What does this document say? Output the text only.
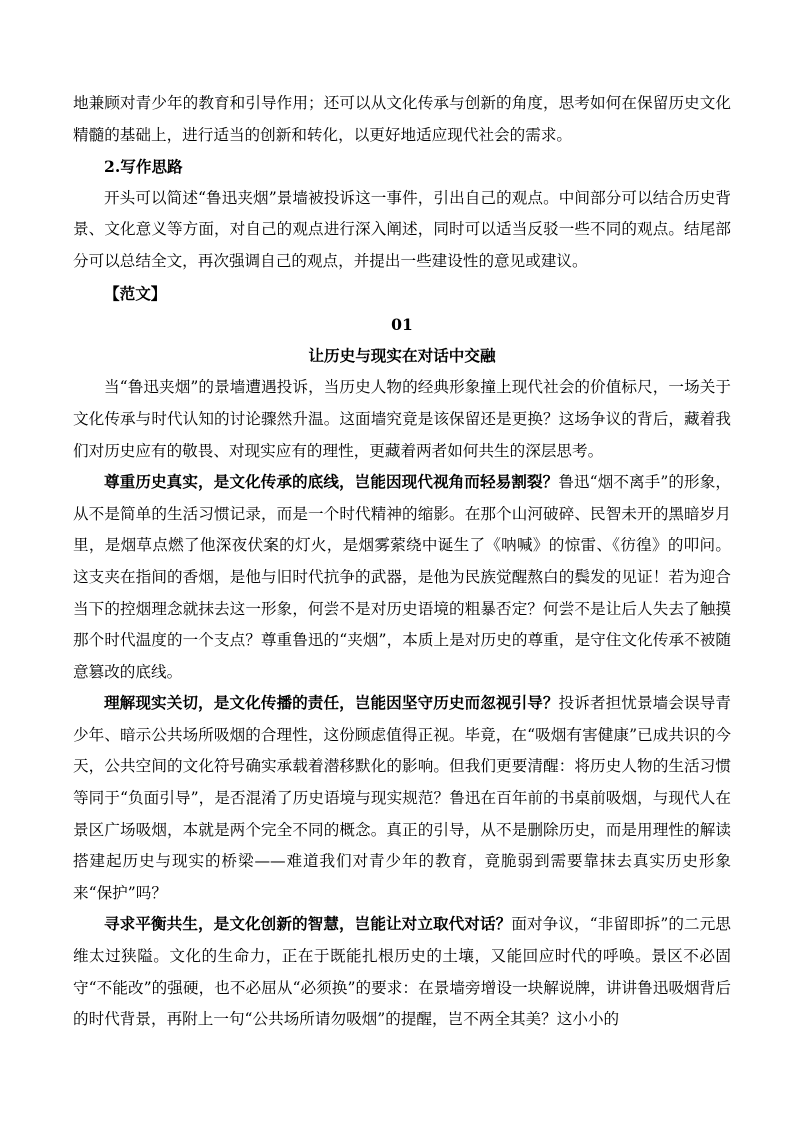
地兼顾对青少年的教育和引导作用；还可以从文化传承与创新的角度，思考如何在保留历史文化精髓的基础上，进行适当的创新和转化，以更好地适应现代社会的需求。

2.写作思路

开头可以简述“鲁迅夹烟”景墙被投诉这一事件，引出自己的观点。中间部分可以结合历史背景、文化意义等方面，对自己的观点进行深入阐述，同时可以适当反驳一些不同的观点。结尾部分可以总结全文，再次强调自己的观点，并提出一些建设性的意见或建议。

【范文】

01

让历史与现实在对话中交融

当“鲁迅夹烟”的景墙遭遇投诉，当历史人物的经典形象撞上现代社会的价值标尺，一场关于文化传承与时代认知的讨论骤然升温。这面墙究竟是该保留还是更换？这场争议的背后，藏着我们对历史应有的敬畏、对现实应有的理性，更藏着两者如何共生的深层思考。

尊重历史真实，是文化传承的底线，岂能因现代视角而轻易割裂？鲁迅“烟不离手”的形象，从不是简单的生活习惯记录，而是一个时代精神的缩影。在那个山河破碎、民智未开的黑暗岁月里，是烟草点燃了他深夜伏案的灯火，是烟雾萦绕中诞生了《呐喊》的惊雷、《彷徨》的叩问。这支夹在指间的香烟，是他与旧时代抗争的武器，是他为民族觉醒熬白的鬓发的见证！若为迎合当下的控烟理念就抹去这一形象，何尝不是对历史语境的粗暴否定？何尝不是让后人失去了触摸那个时代温度的一个支点？尊重鲁迅的“夹烟”，本质上是对历史的尊重，是守住文化传承不被随意篡改的底线。

理解现实关切，是文化传播的责任，岂能因坚守历史而忽视引导？投诉者担忧景墙会误导青少年、暗示公共场所吸烟的合理性，这份顾虑值得正视。毕竟，在“吸烟有害健康”已成共识的今天，公共空间的文化符号确实承载着潜移默化的影响。但我们更要清醒：将历史人物的生活习惯等同于“负面引导”，是否混淆了历史语境与现实规范？鲁迅在百年前的书桌前吸烟，与现代人在景区广场吸烟，本就是两个完全不同的概念。真正的引导，从不是删除历史，而是用理性的解读搭建起历史与现实的桥梁——难道我们对青少年的教育，竟脆弱到需要靠抹去真实历史形象来“保护”吗？

寻求平衡共生，是文化创新的智慧，岂能让对立取代对话？面对争议，“非留即拆”的二元思维太过狭隘。文化的生命力，正在于既能扎根历史的土壤，又能回应时代的呼唤。景区不必固守“不能改”的强硬，也不必屈从“必须换”的要求：在景墙旁增设一块解说牌，讲讲鲁迅吸烟背后的时代背景，再附上一句“公共场所请勿吸烟”的提醒，岂不两全其美？这小小的
